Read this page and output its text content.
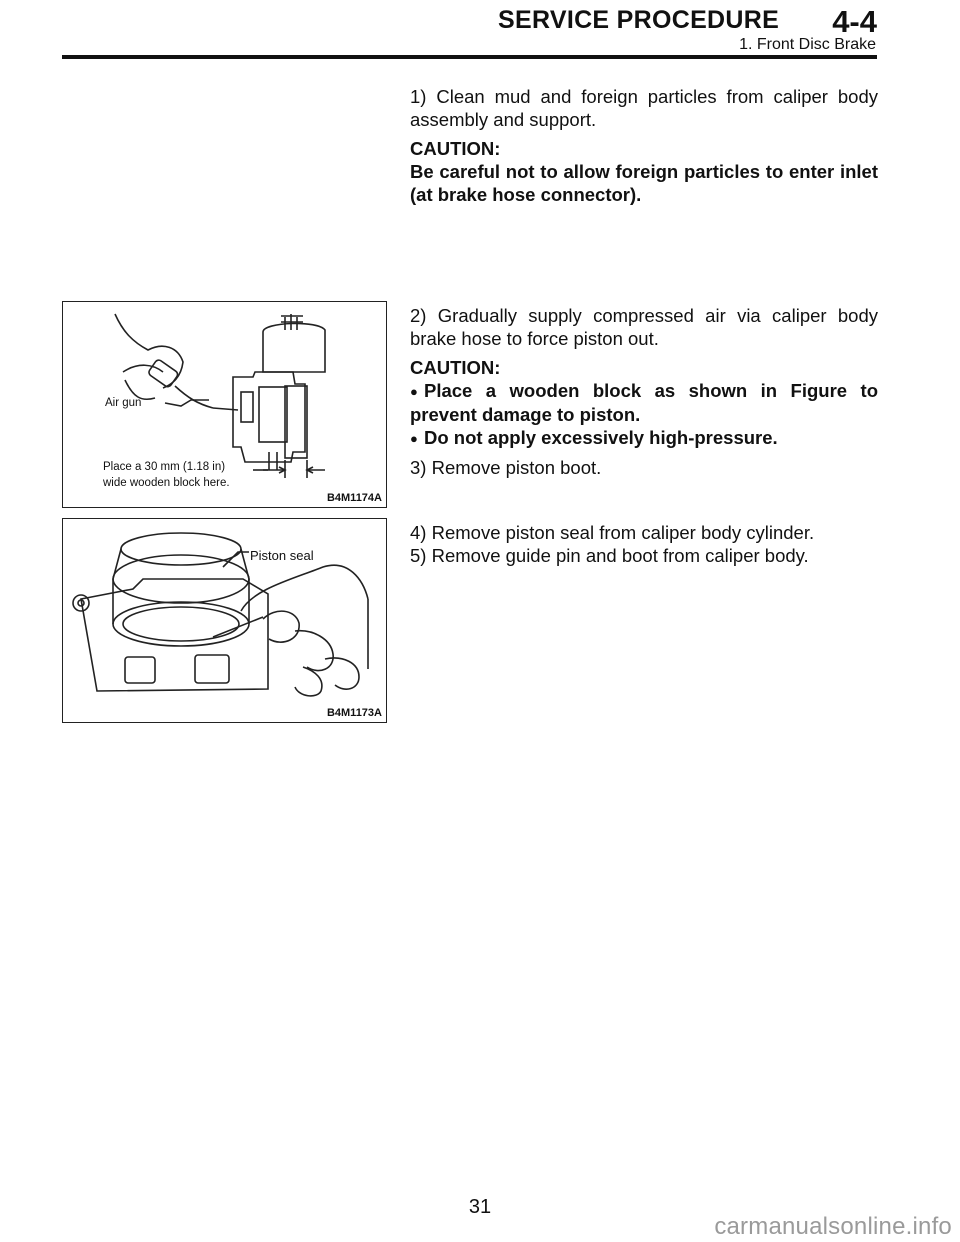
SERVICE PROCEDURE 4-4
1. Front Disc Brake

1) Clean mud and foreign particles from caliper body assembly and support.

CAUTION:

Be careful not to allow foreign particles to enter inlet (at brake hose connector).

Air gun
Place a 30 mm (1.18 in)
wide wooden block here.
B4M1174A

2) Gradually supply compressed air via caliper body brake hose to force piston out.

CAUTION:

● Place a wooden block as shown in Figure to prevent damage to piston.

● Do not apply excessively high-pressure.

3) Remove piston boot.

Piston seal
B4M1173A

4) Remove piston seal from caliper body cylinder.

5) Remove guide pin and boot from caliper body.

31
carmanualsonline.info
